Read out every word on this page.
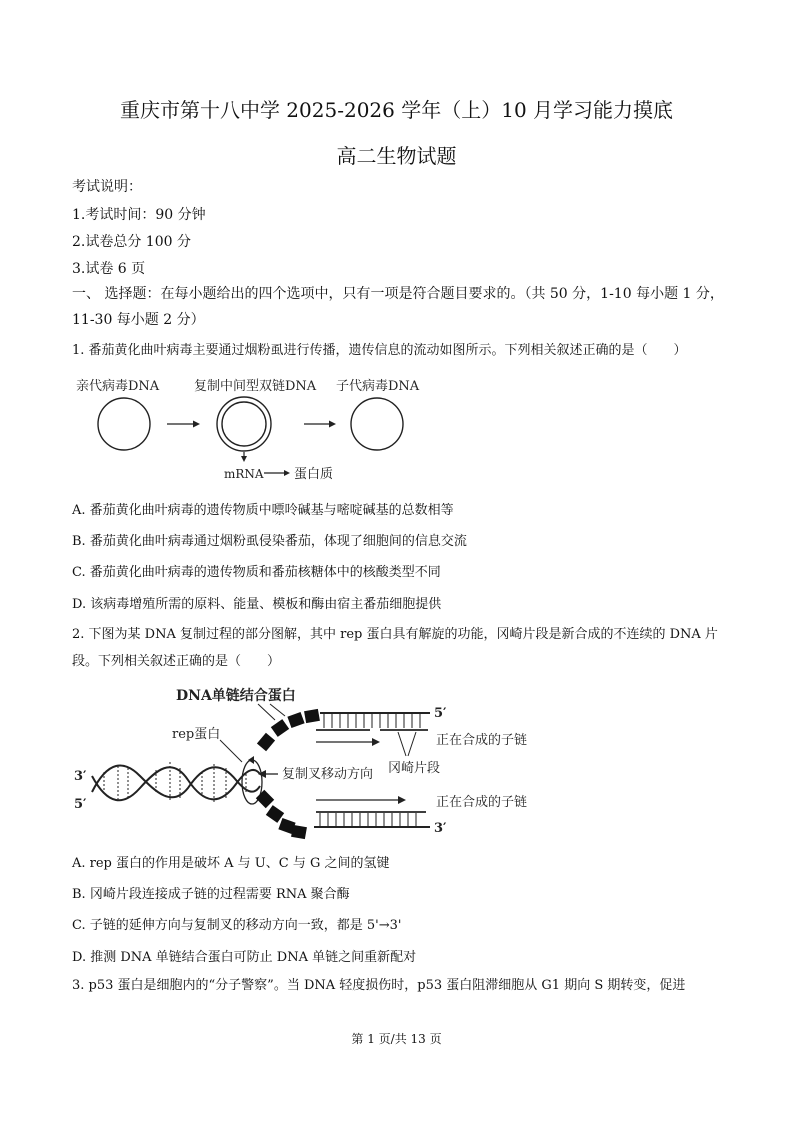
重庆市第十八中学 2025-2026 学年（上）10 月学习能力摸底
高二生物试题
考试说明：
1.考试时间：90 分钟
2.试卷总分 100 分
3.试卷 6 页
一、 选择题：在每小题给出的四个选项中，只有一项是符合题目要求的。（共 50 分，1-10 每小题 1 分，11-30 每小题 2 分）
1. 番茄黄化曲叶病毒主要通过烟粉虱进行传播，遗传信息的流动如图所示。下列相关叙述正确的是（　　）
亲代病毒DNA	复制中间型双链DNA 子代病毒DNA
mRNA 蛋白质
A. 番茄黄化曲叶病毒的遗传物质中嘌呤碱基与嘧啶碱基的总数相等
B. 番茄黄化曲叶病毒通过烟粉虱侵染番茄，体现了细胞间的信息交流
C. 番茄黄化曲叶病毒的遗传物质和番茄核糖体中的核酸类型不同
D. 该病毒增殖所需的原料、能量、模板和酶由宿主番茄细胞提供
2. 下图为某 DNA 复制过程的部分图解，其中 rep 蛋白具有解旋的功能，冈崎片段是新合成的不连续的 DNA 片段。下列相关叙述正确的是（　　）
DNA单链结合蛋白
rep蛋白
3′
5′
5′
正在合成的子链
冈崎片段
复制叉移动方向
正在合成的子链
3′
A. rep 蛋白的作用是破坏 A 与 U、C 与 G 之间的氢键
B. 冈崎片段连接成子链的过程需要 RNA 聚合酶
C. 子链的延伸方向与复制叉的移动方向一致，都是 5'→3'
D. 推测 DNA 单链结合蛋白可防止 DNA 单链之间重新配对
3. p53 蛋白是细胞内的“分子警察”。当 DNA 轻度损伤时，p53 蛋白阻滞细胞从 G1 期向 S 期转变，促进
第 1 页/共 13 页
